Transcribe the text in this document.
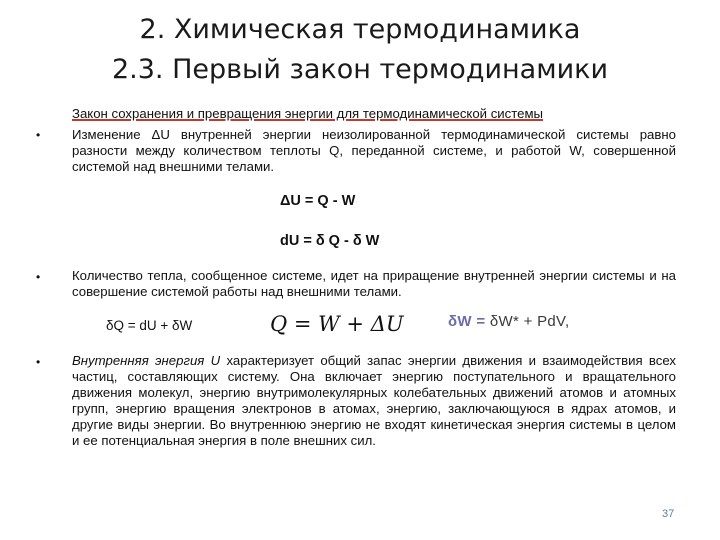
2. Химическая термодинамика
2.3. Первый закон термодинамики
Закон сохранения и превращения энергии для термодинамической системы
• Изменение ΔU внутренней энергии неизолированной термодинамической системы равно разности между количеством теплоты Q, переданной системе, и работой W, совершенной системой над внешними телами.
ΔU = Q - W
dU = δ Q - δ W
• Количество тепла, сообщенное системе, идет на приращение внутренней энергии системы и на совершение системой работы над внешними телами.
δQ = dU + δW	Q = W + ΔU	δW = δW* + PdV,
• Внутренняя энергия U характеризует общий запас энергии движения и взаимодействия всех частиц, составляющих систему. Она включает энергию поступательного и вращательного движения молекул, энергию внутримолекулярных колебательных движений атомов и атомных групп, энергию вращения электронов в атомах, энергию, заключающуюся в ядрах атомов, и другие виды энергии. Во внутреннюю энергию не входят кинетическая энергия системы в целом и ее потенциальная энергия в поле внешних сил.
37
